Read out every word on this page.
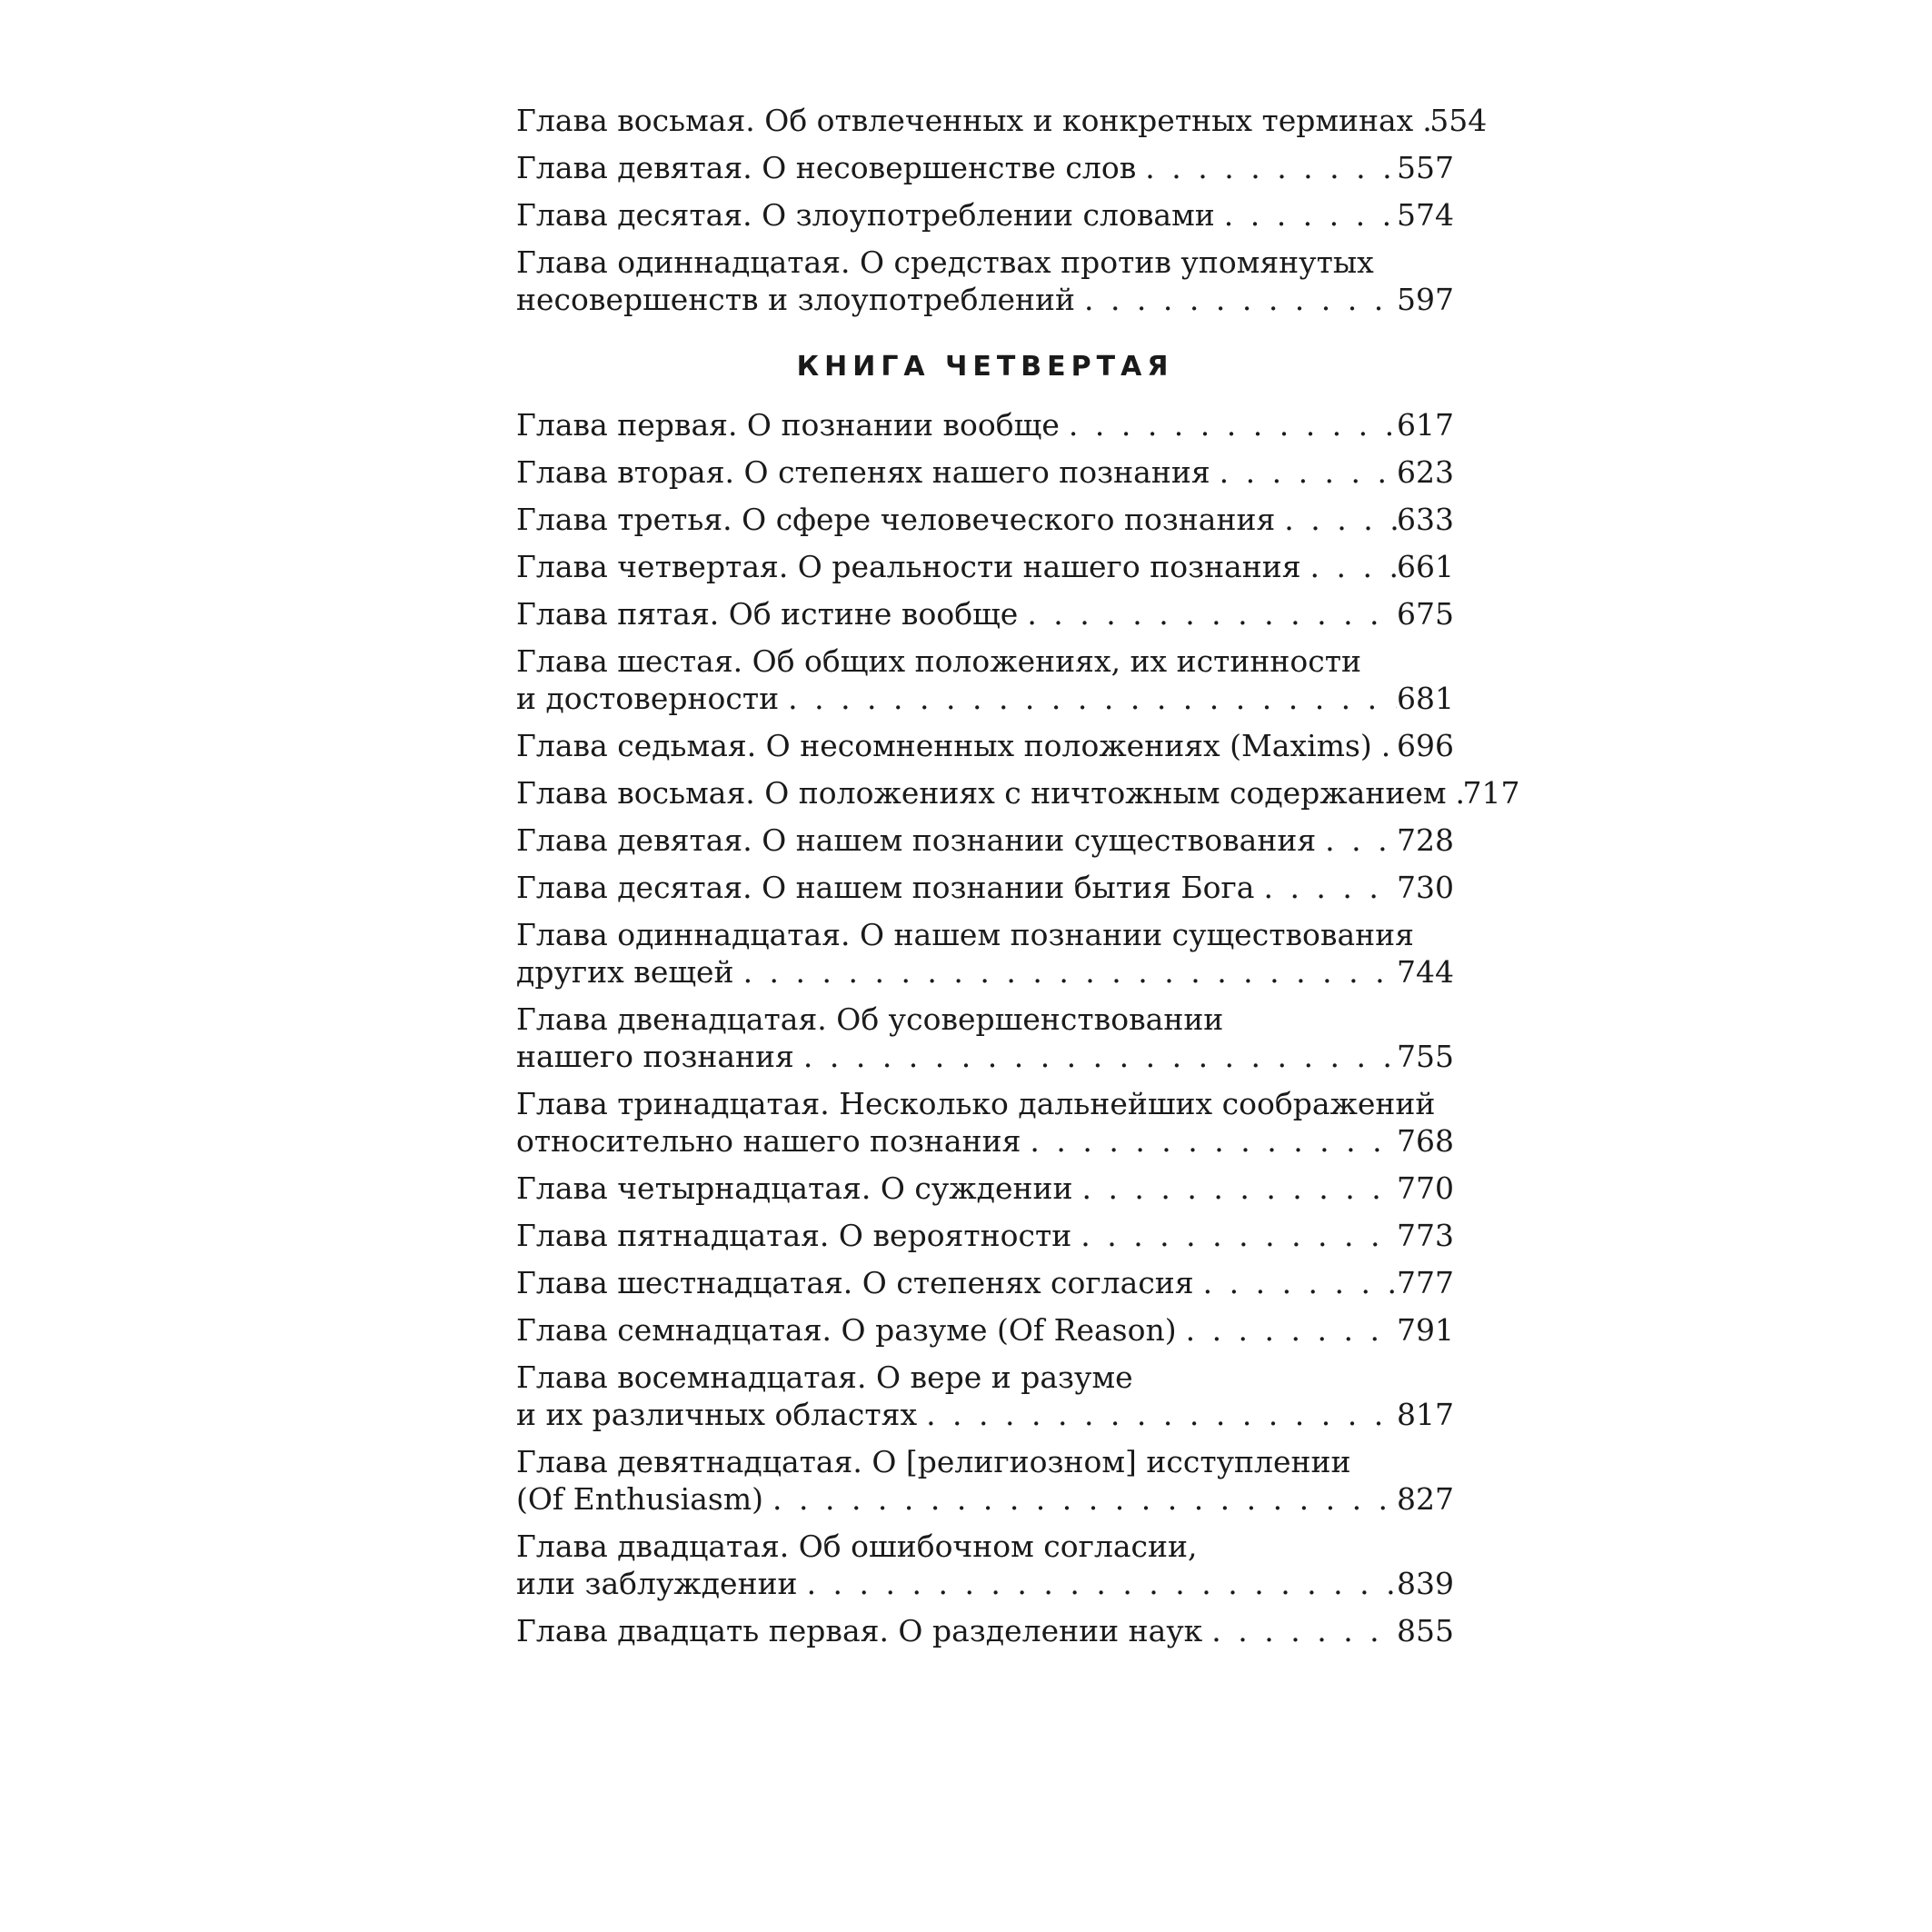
Глава восьмая. Об отвлеченных и конкретных терминах . . . 554
Глава девятая. О несовершенстве слов . . .	557
Глава десятая. О злоупотреблении словами . . .	574
Глава одиннадцатая. О средствах против упомянутых
несовершенств и злоупотреблений . . .	597
КНИГА ЧЕТВЕРТАЯ
Глава первая. О познании вообще . . .	617
Глава вторая. О степенях нашего познания . . .	623
Глава третья. О сфере человеческого познания . . .	633
Глава четвертая. О реальности нашего познания . . .	661
Глава пятая. Об истине вообще . . .	675
Глава шестая. Об общих положениях, их истинности
и достоверности . . .	681
Глава седьмая. О несомненных положениях (Maxims) . . . 696
Глава восьмая. О положениях с ничтожным содержанием . . . 717
Глава девятая. О нашем познании существования . . .	728
Глава десятая. О нашем познании бытия Бога . . .	730
Глава одиннадцатая. О нашем познании существования
других вещей . . .	744
Глава двенадцатая. Об усовершенствовании
нашего познания . . .	755
Глава тринадцатая. Несколько дальнейших соображений
относительно нашего познания . . .	768
Глава четырнадцатая. О суждении . . .	770
Глава пятнадцатая. О вероятности . . .	773
Глава шестнадцатая. О степенях согласия . . .	777
Глава семнадцатая. О разуме (Of Reason) . . .	791
Глава восемнадцатая. О вере и разуме
и их различных областях . . .	817
Глава девятнадцатая. О [религиозном] исступлении
(Of Enthusiasm) . . .	827
Глава двадцатая. Об ошибочном согласии,
или заблуждении . . .	839
Глава двадцать первая. О разделении наук . . .	855
